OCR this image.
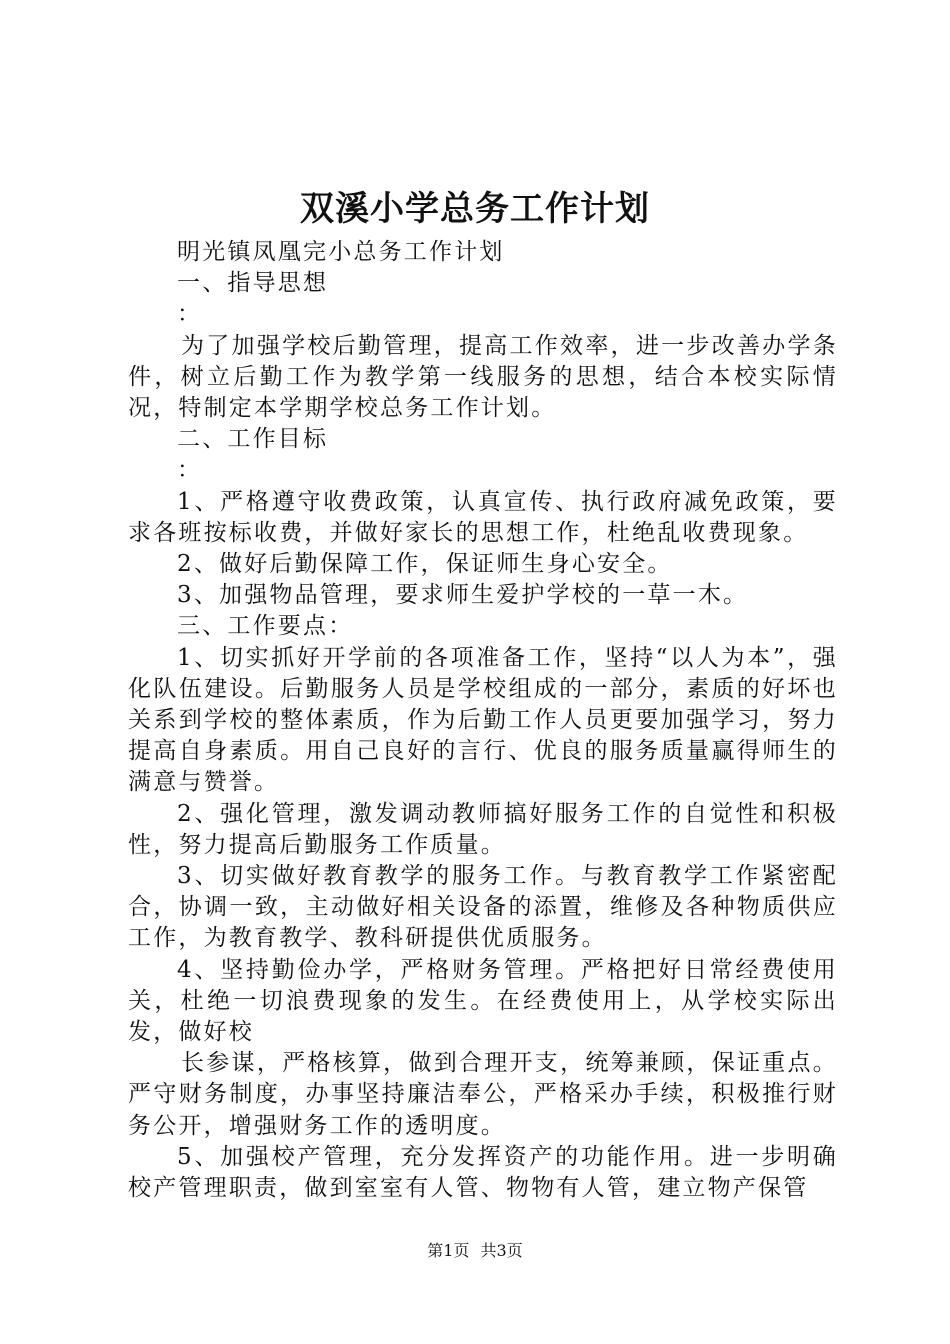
双溪小学总务工作计划

明光镇凤凰完小总务工作计划

一、指导思想

：

为了加强学校后勤管理，提高工作效率，进一步改善办学条件，树立后勤工作为教学第一线服务的思想，结合本校实际情况，特制定本学期学校总务工作计划。

二、工作目标

：

1、严格遵守收费政策，认真宣传、执行政府减免政策，要求各班按标收费，并做好家长的思想工作，杜绝乱收费现象。

2、做好后勤保障工作，保证师生身心安全。

3、加强物品管理，要求师生爱护学校的一草一木。

三、工作要点：

1、切实抓好开学前的各项准备工作，坚持“以人为本”，强化队伍建设。后勤服务人员是学校组成的一部分，素质的好坏也关系到学校的整体素质，作为后勤工作人员更要加强学习，努力提高自身素质。用自己良好的言行、优良的服务质量赢得师生的满意与赞誉。

2、强化管理，激发调动教师搞好服务工作的自觉性和积极性，努力提高后勤服务工作质量。

3、切实做好教育教学的服务工作。与教育教学工作紧密配合，协调一致，主动做好相关设备的添置，维修及各种物质供应工作，为教育教学、教科研提供优质服务。

4、坚持勤俭办学，严格财务管理。严格把好日常经费使用关，杜绝一切浪费现象的发生。在经费使用上，从学校实际出发，做好校

长参谋，严格核算，做到合理开支，统筹兼顾，保证重点。严守财务制度，办事坚持廉洁奉公，严格采办手续，积极推行财务公开，增强财务工作的透明度。

5、加强校产管理，充分发挥资产的功能作用。进一步明确校产管理职责，做到室室有人管、物物有人管，建立物产保管

第1页 共3页
